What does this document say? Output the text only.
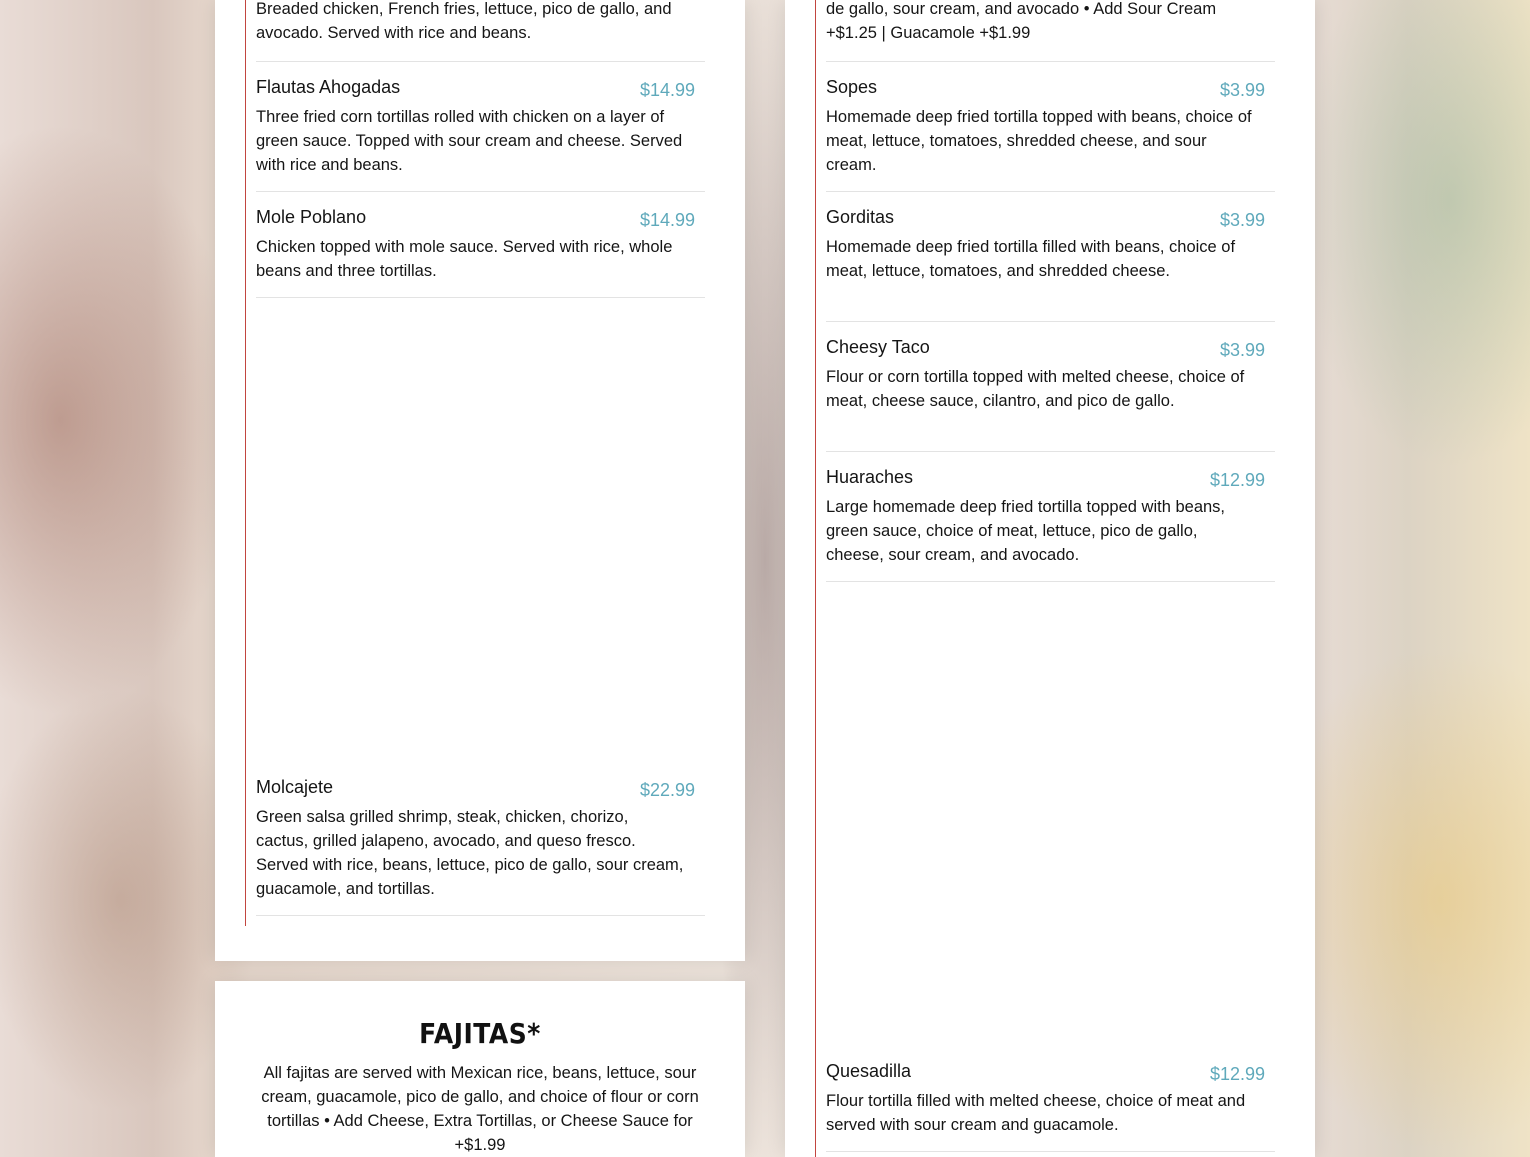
Breaded chicken, French fries, lettuce, pico de gallo, and avocado. Served with rice and beans.
Flautas Ahogadas	$14.99
Three fried corn tortillas rolled with chicken on a layer of green sauce. Topped with sour cream and cheese. Served with rice and beans.
Mole Poblano	$14.99
Chicken topped with mole sauce. Served with rice, whole beans and three tortillas.
Molcajete	$22.99
Green salsa grilled shrimp, steak, chicken, chorizo, cactus, grilled jalapeno, avocado, and queso fresco. Served with rice, beans, lettuce, pico de gallo, sour cream, guacamole, and tortillas.
FAJITAS*
All fajitas are served with Mexican rice, beans, lettuce, sour cream, guacamole, pico de gallo, and choice of flour or corn tortillas • Add Cheese, Extra Tortillas, or Cheese Sauce for +$1.99
de gallo, sour cream, and avocado • Add Sour Cream +$1.25 | Guacamole +$1.99
Sopes	$3.99
Homemade deep fried tortilla topped with beans, choice of meat, lettuce, tomatoes, shredded cheese, and sour cream.
Gorditas	$3.99
Homemade deep fried tortilla filled with beans, choice of meat, lettuce, tomatoes, and shredded cheese.
Cheesy Taco	$3.99
Flour or corn tortilla topped with melted cheese, choice of meat, cheese sauce, cilantro, and pico de gallo.
Huaraches	$12.99
Large homemade deep fried tortilla topped with beans, green sauce, choice of meat, lettuce, pico de gallo, cheese, sour cream, and avocado.
Quesadilla	$12.99
Flour tortilla filled with melted cheese, choice of meat and served with sour cream and guacamole.
